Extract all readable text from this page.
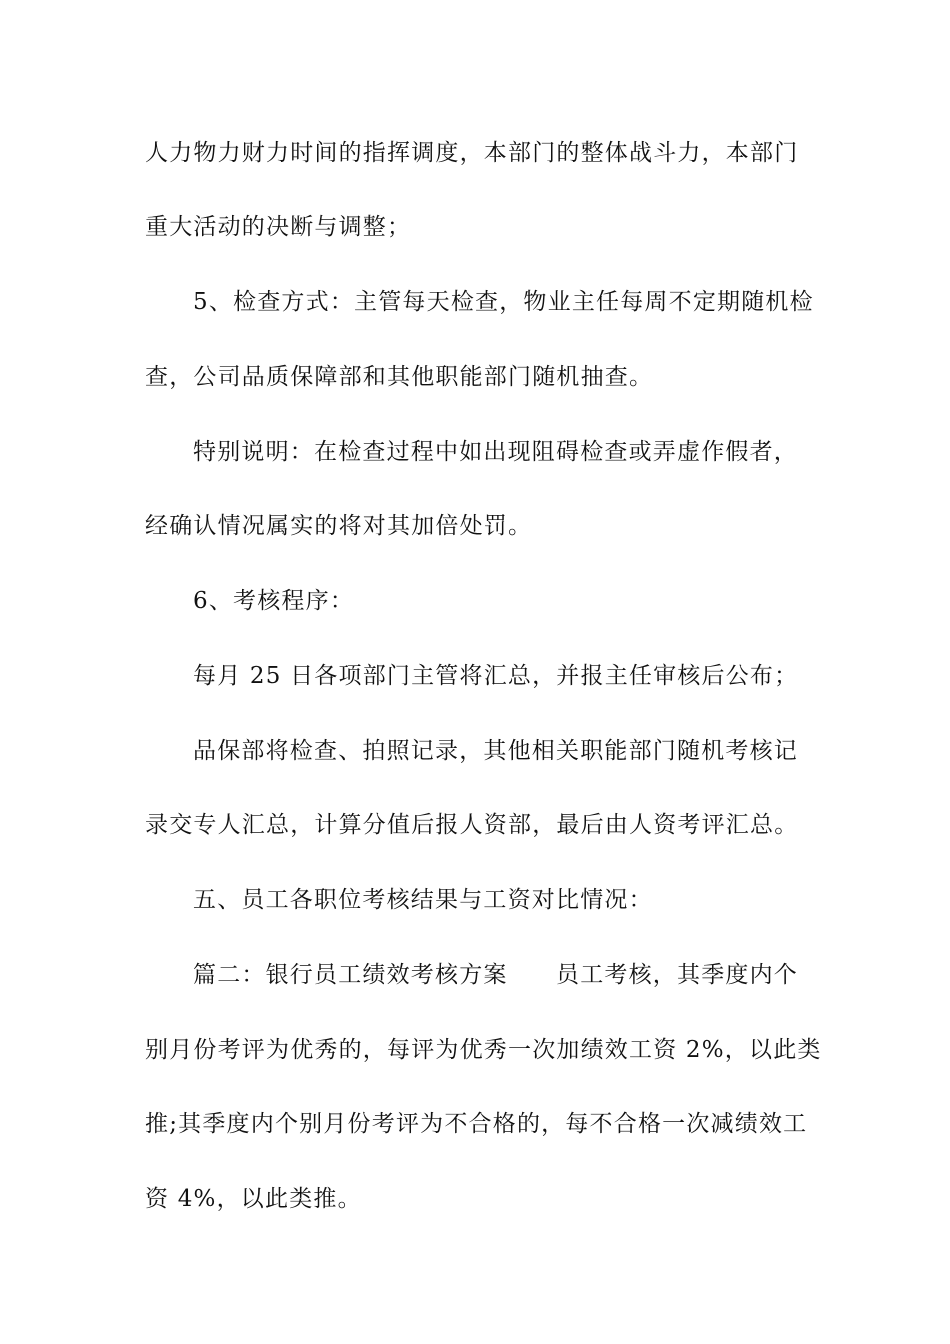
人力物力财力时间的指挥调度，本部门的整体战斗力，本部门
重大活动的决断与调整；
5、检查方式：主管每天检查，物业主任每周不定期随机检
查，公司品质保障部和其他职能部门随机抽查。
特别说明：在检查过程中如出现阻碍检查或弄虚作假者，
经确认情况属实的将对其加倍处罚。
6、考核程序：
每月 25 日各项部门主管将汇总，并报主任审核后公布；
品保部将检查、拍照记录，其他相关职能部门随机考核记
录交专人汇总，计算分值后报人资部，最后由人资考评汇总。
五、员工各职位考核结果与工资对比情况：
篇二：银行员工绩效考核方案　　员工考核，其季度内个
别月份考评为优秀的，每评为优秀一次加绩效工资 2%，以此类
推;其季度内个别月份考评为不合格的，每不合格一次减绩效工
资 4%，以此类推。
